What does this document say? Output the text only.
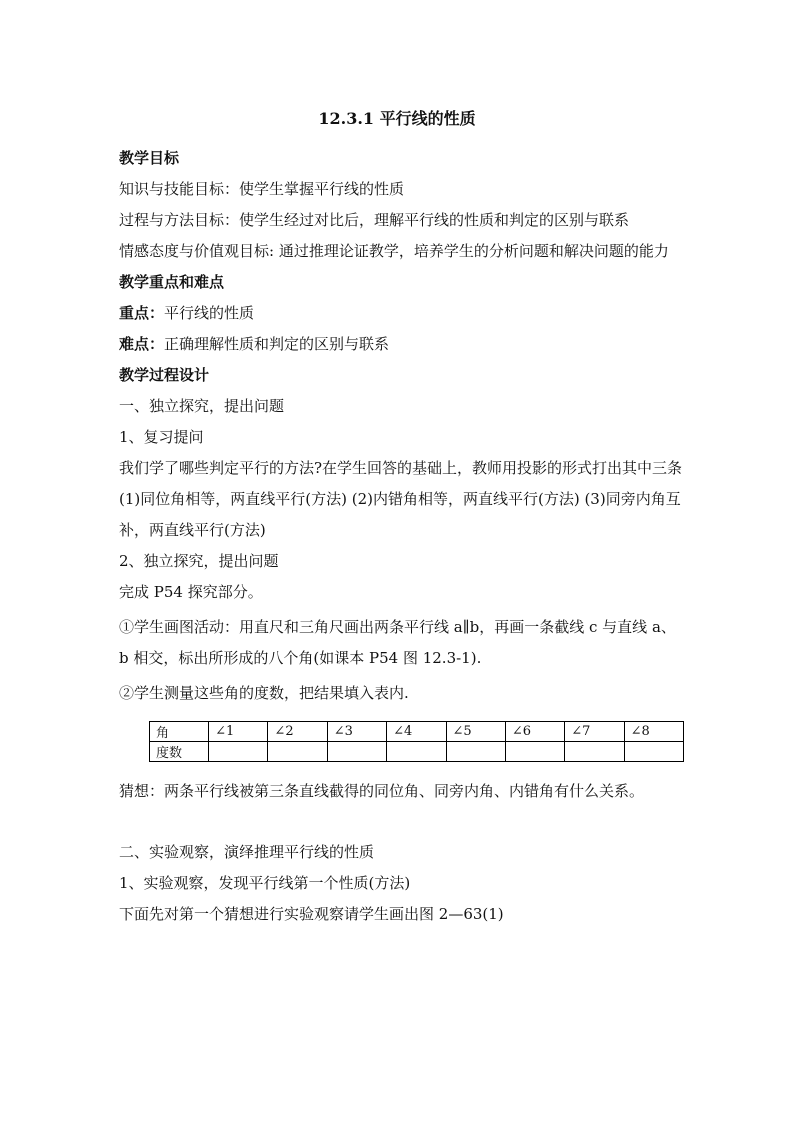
12.3.1 平行线的性质
教学目标
知识与技能目标：使学生掌握平行线的性质
过程与方法目标：使学生经过对比后，理解平行线的性质和判定的区别与联系
情感态度与价值观目标: 通过推理论证教学，培养学生的分析问题和解决问题的能力
教学重点和难点
重点：平行线的性质
难点：正确理解性质和判定的区别与联系
教学过程设计
一、独立探究，提出问题
1、复习提问
我们学了哪些判定平行的方法?在学生回答的基础上，教师用投影的形式打出其中三条 (1)同位角相等，两直线平行(方法) (2)内错角相等，两直线平行(方法) (3)同旁内角互补，两直线平行(方法)
2、独立探究，提出问题
完成 P54 探究部分。
①学生画图活动：用直尺和三角尺画出两条平行线 a∥b，再画一条截线 c 与直线 a、b 相交，标出所形成的八个角(如课本 P54 图 12.3-1).
②学生测量这些角的度数，把结果填入表内.
角	∠1	∠2	∠3	∠4	∠5	∠6	∠7	∠8
度数								
猜想：两条平行线被第三条直线截得的同位角、同旁内角、内错角有什么关系。
二、实验观察，演绎推理平行线的性质
1、实验观察，发现平行线第一个性质(方法)
下面先对第一个猜想进行实验观察请学生画出图 2—63(1)
